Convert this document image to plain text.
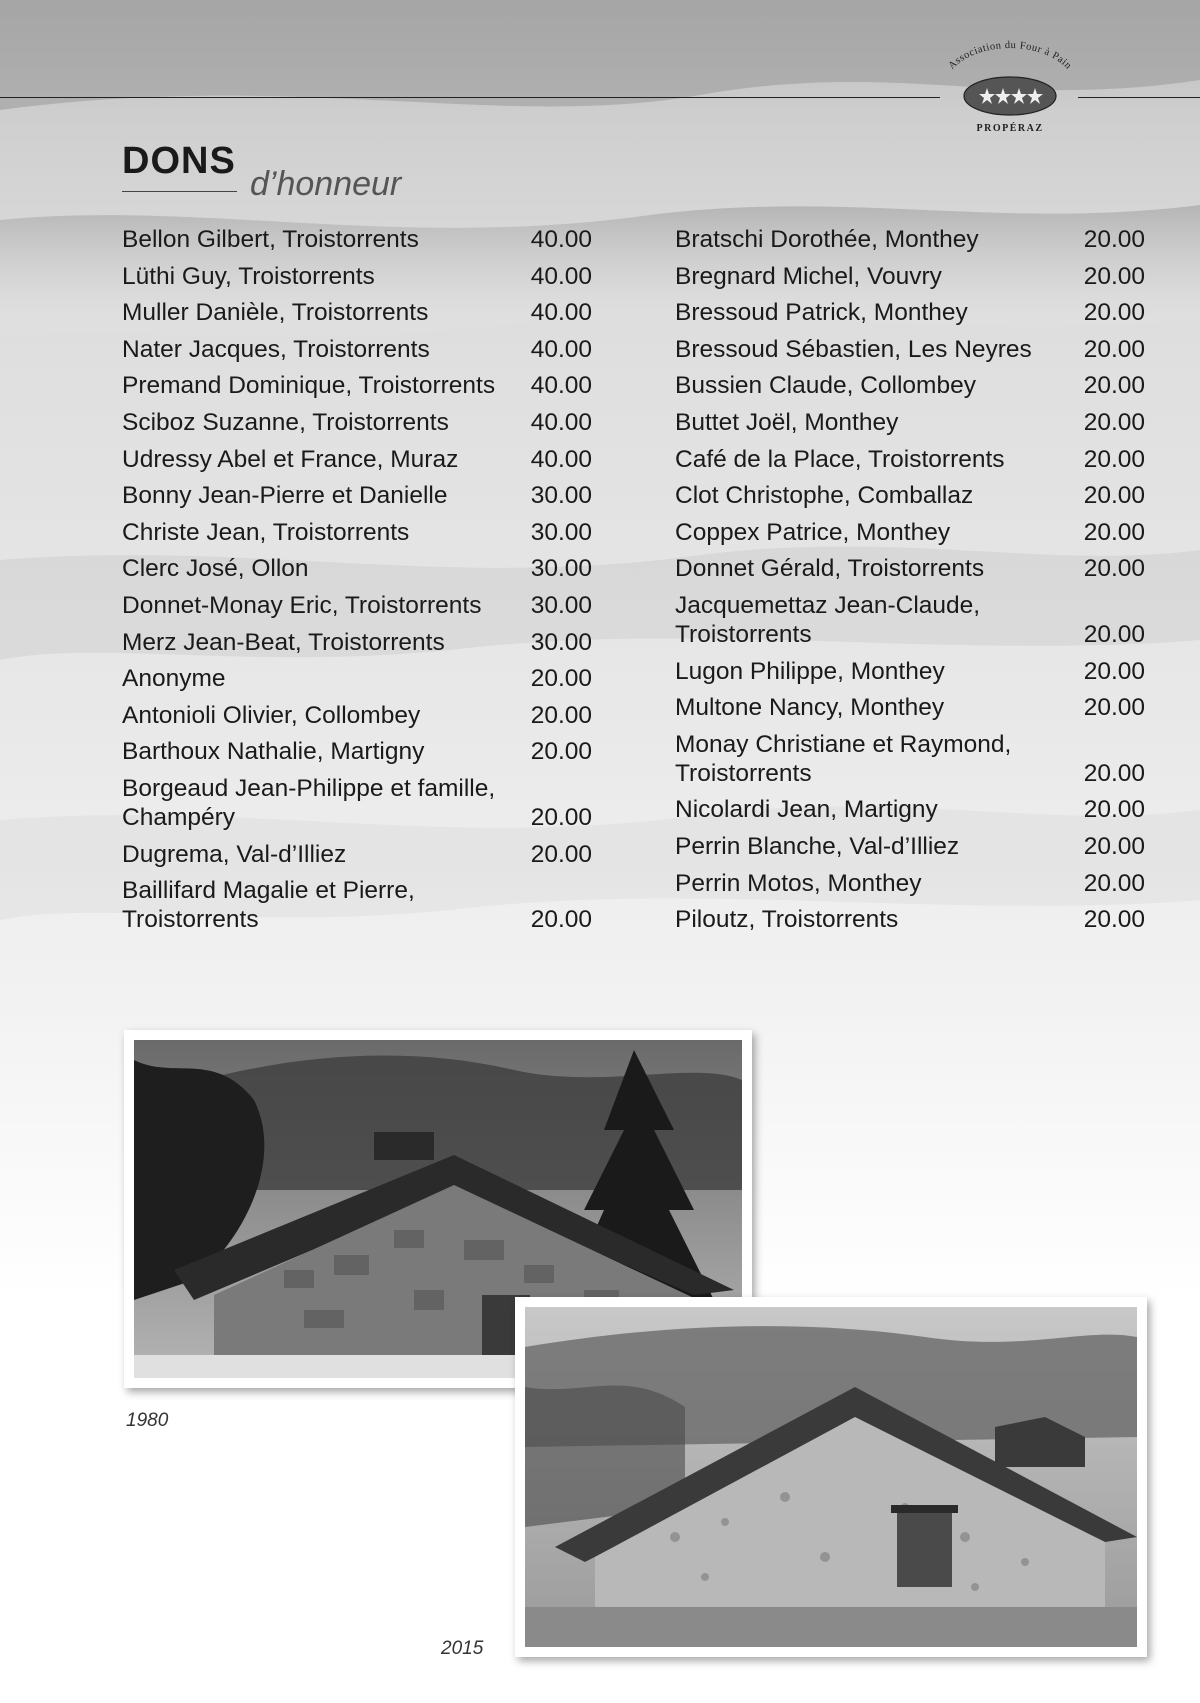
Association du Four à Pain
PROPÉRAZ
DONS
d’honneur
Bellon Gilbert, Troistorrents	40.00
Lüthi Guy, Troistorrents	40.00
Muller Danièle, Troistorrents	40.00
Nater Jacques, Troistorrents	40.00
Premand Dominique, Troistorrents	40.00
Sciboz Suzanne, Troistorrents	40.00
Udressy Abel et France, Muraz	40.00
Bonny Jean-Pierre et Danielle	30.00
Christe Jean, Troistorrents	30.00
Clerc José, Ollon	30.00
Donnet-Monay Eric, Troistorrents	30.00
Merz Jean-Beat, Troistorrents	30.00
Anonyme	20.00
Antonioli Olivier, Collombey	20.00
Barthoux Nathalie, Martigny	20.00
Borgeaud Jean-Philippe et famille, Champéry	20.00
Dugrema, Val-d’Illiez	20.00
Baillifard Magalie et Pierre, Troistorrents	20.00
Bratschi Dorothée, Monthey	20.00
Bregnard Michel, Vouvry	20.00
Bressoud Patrick, Monthey	20.00
Bressoud Sébastien, Les Neyres	20.00
Bussien Claude, Collombey	20.00
Buttet Joël, Monthey	20.00
Café de la Place, Troistorrents	20.00
Clot Christophe, Comballaz	20.00
Coppex Patrice, Monthey	20.00
Donnet Gérald, Troistorrents	20.00
Jacquemettaz Jean-Claude, Troistorrents	20.00
Lugon Philippe, Monthey	20.00
Multone Nancy, Monthey	20.00
Monay Christiane et Raymond, Troistorrents	20.00
Nicolardi Jean, Martigny	20.00
Perrin Blanche, Val-d’Illiez	20.00
Perrin Motos, Monthey	20.00
Piloutz, Troistorrents	20.00
1980
2015
